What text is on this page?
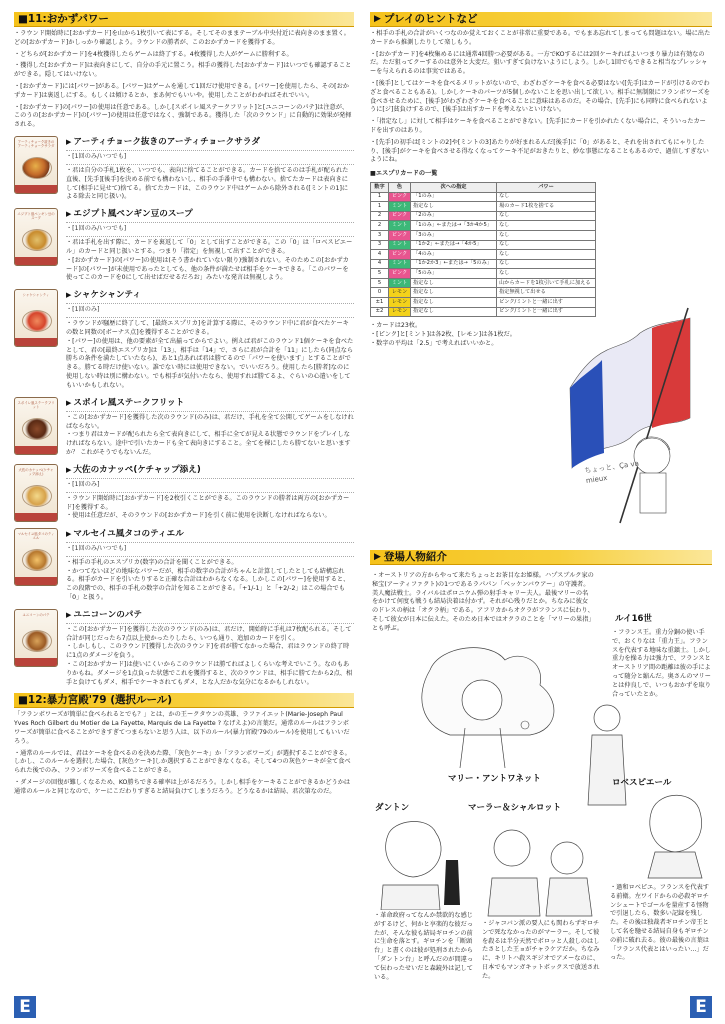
■11:おかずパワー
・ラウンド開始時に[おかずカード]を山から1枚引いて表にする。そしてそのままテーブル中央付近に表向きのまま置く。どの[おかずカード]かしっかり確認しよう。ラウンドの勝者が、このおかずカードを獲得する。
・どちらが[おかずカード]を4枚獲得したらゲームは終了する。4枚獲得した人がゲームに勝利する。
・獲得した[おかずカード]は表向きにして、自分の手元に置こう。相手の獲得した[おかずカード]はいつでも確認することができる。隠してはいけない。
・[おかずカード]には[パワー]がある。[パワー]はゲームを通して1回だけ使用できる。[パワー]を使用したら、その[おかずカード]は裏返しにする。もしくは傾けるとか、まあ何でもいいや。使用したことがわかればそれでいい。
・[おかずカード]の[パワー]の使用は任意である。しかし[スポイレ風ステークフリット]と[ユニコーンのパテ]は注意が、このうの[おかずカード]の[パワー]の使用は任意ではなく、強制である。獲得した「次のラウンド」に自動的に効果が発揮される。
アーティチョーク抜きのアーティチョークサラダ
▶ アーティチョーク抜きのアーティチョークサラダ
・[1回のみ/いつでも]
・君は自分の手札1枚を、いつでも、表向に捨てることができる。カードを捨てるのは手札が配られた直後、[先手][後手]を決める前でも構わないし、相手の手番中でも構わない。捨てたカードは表向きにして(相手に見せて)捨てる。捨てたカードは、このラウンド中はゲームから除外される([ミントの1]による除去と同じ扱い)。
エジプト風ペンギン豆のスープ
▶ エジプト風ペンギン豆のスープ
・[1回のみ/いつでも]
・君は手札を出す際に、カードを裏返して「0」として出すことができる。この「0」は「ロベスピエール」のカードと同じ扱いとする。つまり「指定」を無視して出すことができる。
・[おかずカード]の[パワー]の使用は(そう書かれていない限り)強制されない。そのためこの[おかずカード]の[パワー]が未使用であったとしても、他の条件が満たせば相手をケーキできる。「このパワーを使ってこのカードを0にして出せばだせるだろお」みたいな発言は無視しよう。
シャケシャンティ	▶ シャケシャンティ
・[1回のみ]
・ラウンドが騒歴に終了して、[最終エスプリカ]を計算する際に、そのラウンド中に君が食べたケーキの数と同数の[ボーナス点]を獲得することができる。
・[パワー]の使用は、他の要素が全て出揃ってからでよい。例えば君がこのラウンド1個ケーキを食べたとして、君の[最終エスプリカ]は「13」、相手は「14」で、さらに君が合計を「11」にしたら(同点なら勝ちの条件を満たしていたなら)、あと1点あれば君は勝てるので「パワーを使います」とすることができる。勝てる時だけ使いない。誰でない時には使用できない。でいいだろう。使用したら[勝者]なのに使用しない時は別に構わない。でも相手が気付いたなら、使用すれば勝てるよ、ぐらいの心遣いをしてもいいかもしれない。
スポイレ風ステークフリット
▶ スポイレ風ステークフリット
・この[おかずカード]を獲得した次のラウンド(のみ)は、君だけ、手札を全て公開してゲームをしなければならない。
・つまり君はカードが配られたら全て表向きにして、相手に全てが見える状態でラウンドをプレイしなければならない。途中で引いたカードも全て表向きにすること。全てを裸にしたら勝てないと思いますか？ これがそうでもないんだ。
大佐のカナッペ(ケチャップ添え)
▶ 大佐のカナッペ(ケチャップ添え)
・[1回のみ]
・ラウンド開始時に[おかずカード]を2枚引くことができる。このラウンドの勝者は両方の[おかずカード]を獲得する。
・使用は任意だが、そのラウンドの[おかずカード]を引く前に使用を決断しなければならない。
マルセイユ風タコのティエル
▶ マルセイユ風タコのティエル
・[1回のみ/いつでも]
・相手の手札のエスプリカ(数字)の合計を聞くことができる。
・かつてないほどの地味なパワーだが、相手の数字の合計がちゃんと計算してしたとしても結構忘れる。相手がカードを引いたりすると正確な合計はわからなくなる。しかしこの[パワー]を使用すると、この段階での、相手の手札の数字の合計を知ることができる。「+1/-1」と「+2/-2」はこの場合でも「0」と扱う。
ユニコーンのパテ	▶ ユニコーンのパテ
・この[おかずカード]を獲得した次のラウンド(のみ)は、君だけ、開始時に手札は7枚配られる。そして合計が同じだったら7点以上使かったりしたら、いつも通り、追加のカードを引く。
・しかしもし、このラウンド[獲得した次のラウンド]を君が勝てなかった場合、君はラウンドの終了時に1点のダメージを負う。
・この[おかずカード]は使いにくいからこのラウンドは勝てればよしくらいな考えでいこう。なのもありかもね。ダメージを1点負った状態でこれを獲得すると、次のラウンドは、相手に勝てたから2点、相手と負けてもダメ、相手でケーキされてもダメ、とな人だかな気分になるかもしれない。
■12:暴力宮殿'79 (選択ルール)
「フランボワーズが簡単に食べられるとでも？」とは、かの王ークタウンの英雄、ラファイエット(Marie-Joseph Paul Yves Roch Gilbert du Motier de La Fayette, Marquis de La Fayette ? なげえよ)の言葉だ。通常のルールはフランボワーズが簡単に食べることができすぎてつまらないと思う人は、以下のルール(暴力宮殿'79のルール)を使用してもいいだろう。
・通常のルールでは、君はケーキを食べるのを決めた際、「灰色ケーキ」か「フランボワーズ」が選択することができる。しかし、このルールを選択した場合、[灰色ケーキ]しか選択することができなくなる。そして4つの灰色ケーキが全て食べられた後でのみ、フランボワーズを食べることができる。
・ダメージの回復が難しくなるため、KO勝ちできる確率は上がるだろう。しかし相手をケーキることができるかどうかは通常のルールと同じなので、ケーにこだわりすぎると結局負けてしまうだろう。どうなるかは結局、君次第なのだ。
E
▶ プレイのヒントなど
・相手の手札の合計がいくつなのか覚えておくことが非常に重要である。でもまあ忘れてしまっても問題はない。場に出たカードから推測したりして楽しもう。
・[おかずカード]を4枚集めるには通常4回勝つ必要がある。一方でKOするには2回ケーキればよいつまり暴力は有効なのだ。ただ狙ってクーするのは意外と大変だ。狙いすぎて負けないようにしよう。しかし1回でもできると相当なプレッシャーを与えられるのは事実ではある。
・[後手]としてはケーキを食べるメリットがないので、わざわざケーキを食べる必要はない([先手]はカードが引けるのでわざと食べることもある)。しかしケーキのパーツが5個しかないことを思い出して欲しい。相手に無制限にフランボワーズを食べさせるために、[後手]がわざわざケーキを食べることに意味はあるのだ。その場合、[先手]にも同時に食べられないように[ジ]貧負けするので、[後手]は出すカードを考えないといけない。
・「指定なし」に対して相手はケーキを食べることができない。[先手]にカードを引かれたくない場合に、そういったカードを出すのはあり。
・[先手]の初手は[ミントの2]や[ミントの3]あたりが好まれるんだ[後手]に「0」があると、それを出されてもにゃりしたり、[後手]がケーキを食べさせる得なくなってケーキ不足がおきたりと、妙な事態になることもあるので、過信しすぎないようにね。
■エスプリカードの一覧
数字	色	次への指定	パワー
1	ピンク	「1のみ」	なし
1	ミント	指定なし	場のカード1枚を捨てる
2	ピンク	「2のみ」	なし
2	ミント	「1のみ」←または→「3か4か5」	なし
3	ピンク	「3のみ」	なし
3	ミント	「1か2」←または→「4か5」	なし
4	ピンク	「4のみ」	なし
4	ミント	「1か2か3」←または→「5のみ」	なし
5	ピンク	「5のみ」	なし
5	ミント	指定なし	山からカードを1枚引いて手札に加える
0	レモン	指定なし	指定無視して出せる
±1	レモン	指定なし	ピンク/ミントと一緒に出す
±2	レモン	指定なし	ピンク/ミントと一緒に出す
・カードは23枚。
・[ピンク]と[ミント]は各2枚、[レモン]は各1枚だ。
・数字の平均は「2.5」で考えればいいかと。
ちょっと、Ça va mieux
▶ 登場人物紹介
・オーストリアの方からやって来たちょっとお茶目なお姫様。ハプスブルク家の秘宝(アーティファクト)の1つであるラパパン「ベッケンバウアー」の守護者。美人魔法戦士。ライバルはポロニウム弾の射手キャリー夫人。最後マリーの名をかけて何度も戦うも結局決着は付かず。それが心残りだとか。ちなみに彼女のドレスの柄は「オクラ柄」である。アフリカからオクラがフランスに伝わり、そして彼女が日本に伝えた。そのため日本ではオクラのことを「マリーの果指」とも呼ぶ。
マリー・アントワネット
ルイ16世
・フランス王。重力分銅の使い手で、おくりなは「重力王」。フランスを代表する地味な重鎮士。しかし重力を操る力は強力で、フランスとオーストリア間の距離は彼の手によって随分と縮んだ。奥さんのマリーとは仲良しで、いつもおかずを取り合っていたとか。
ロベスピエール
・過和ロベピエ。フランスを代表する前衛。左ワイドからの必殺ギロチンシュートでゴールを量産する怪物で引退したら、数多い記録を残した。その後は独裁者ギロチン帝王として名を馳せる結局自身もギロチンの前に破れ去る。彼の最後の言葉は「フランス代表とはいったい…」だった。
ダントン
・革命政府ってなんか禁欲的な感じがするけど、何かと享楽的な彼だったが、そんな彼も結局ギロチンの前に生命を落とす。ギロチンを「断頭台」と書くのは彼が処刑されたから「ダントン台」と呼んだのが間違って伝わったせいだと森鏡外は記している。
マーラー＆シャルロット
・ジャコバン派の要人にも関わらずギロチンで死ななかったのがマーラー。そして彼を殺るは半分天然でボロッと人殺しのはしたさとした王ョがチャラケアだか。ちなみに、キリトハ殺スギジオでアメーなのに、日本でもマンガキットボックスで放送された。
E
